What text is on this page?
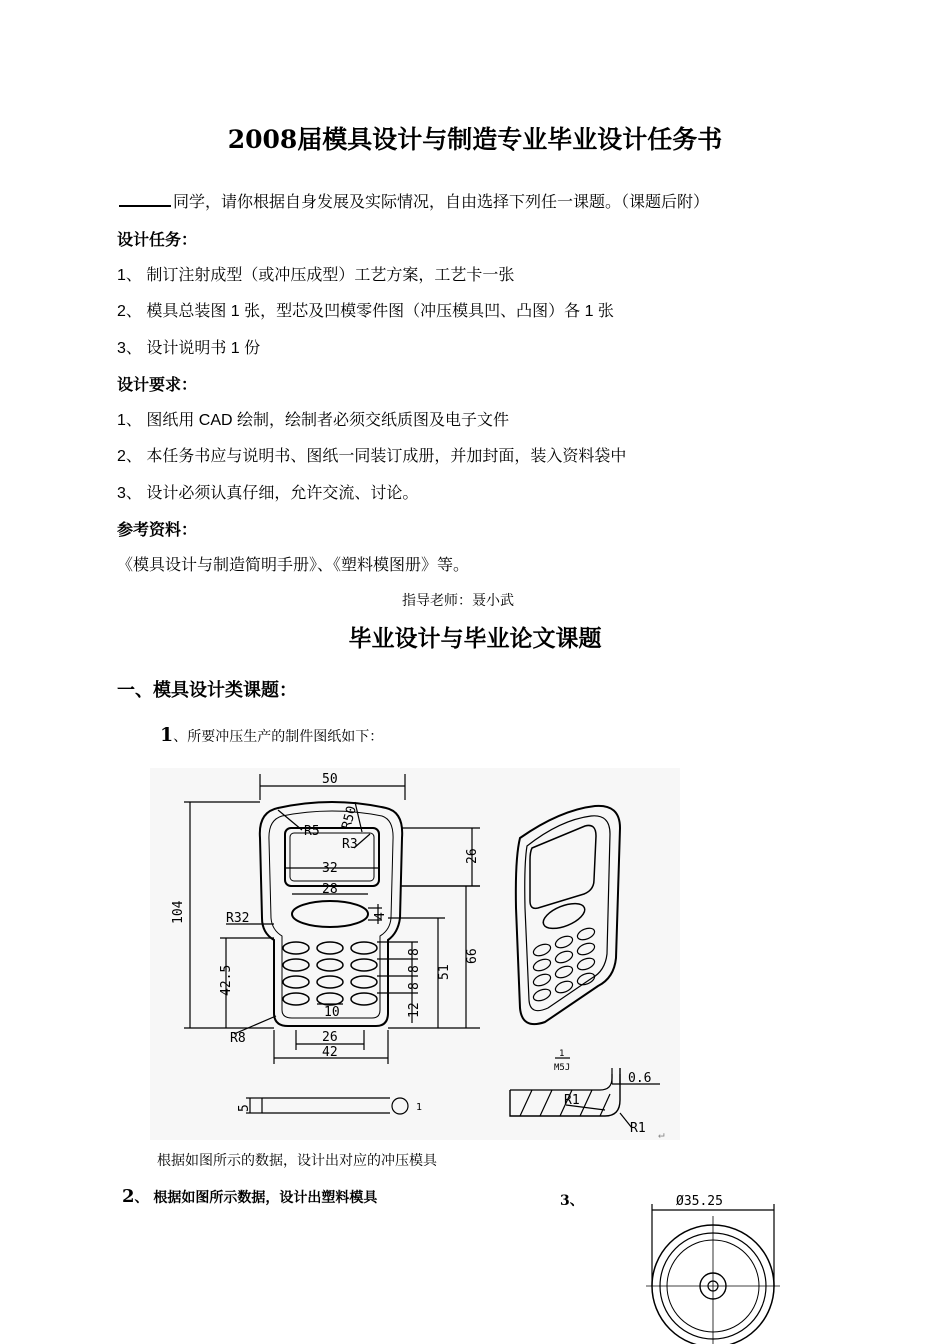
2008届模具设计与制造专业毕业设计任务书
同学，请你根据自身发展及实际情况，自由选择下列任一课题。（课题后附）
设计任务：
1、 制订注射成型（或冲压成型）工艺方案，工艺卡一张
2、 模具总装图 1 张，型芯及凹模零件图（冲压模具凹、凸图）各 1 张
3、 设计说明书 1 份
设计要求：
1、 图纸用 CAD 绘制，绘制者必须交纸质图及电子文件
2、 本任务书应与说明书、图纸一同装订成册，并加封面，装入资料袋中
3、 设计必须认真仔细，允许交流、讨论。
参考资料：
《模具设计与制造简明手册》、《塑料模图册》等。
指导老师：聂小武
毕业设计与毕业论文课题
一、模具设计类课题：
1、所要冲压生产的制件图纸如下：
50
104
42.5
26
66
51
8
8
8
12
4
32
28
10
26
42
5
0.6
R5
R50
R3
R32
R8
R1
R1
1
M5J
1
↵
根据如图所示的数据，设计出对应的冲压模具
2、 根据如图所示数据，设计出塑料模具	3、	Ø35.25
